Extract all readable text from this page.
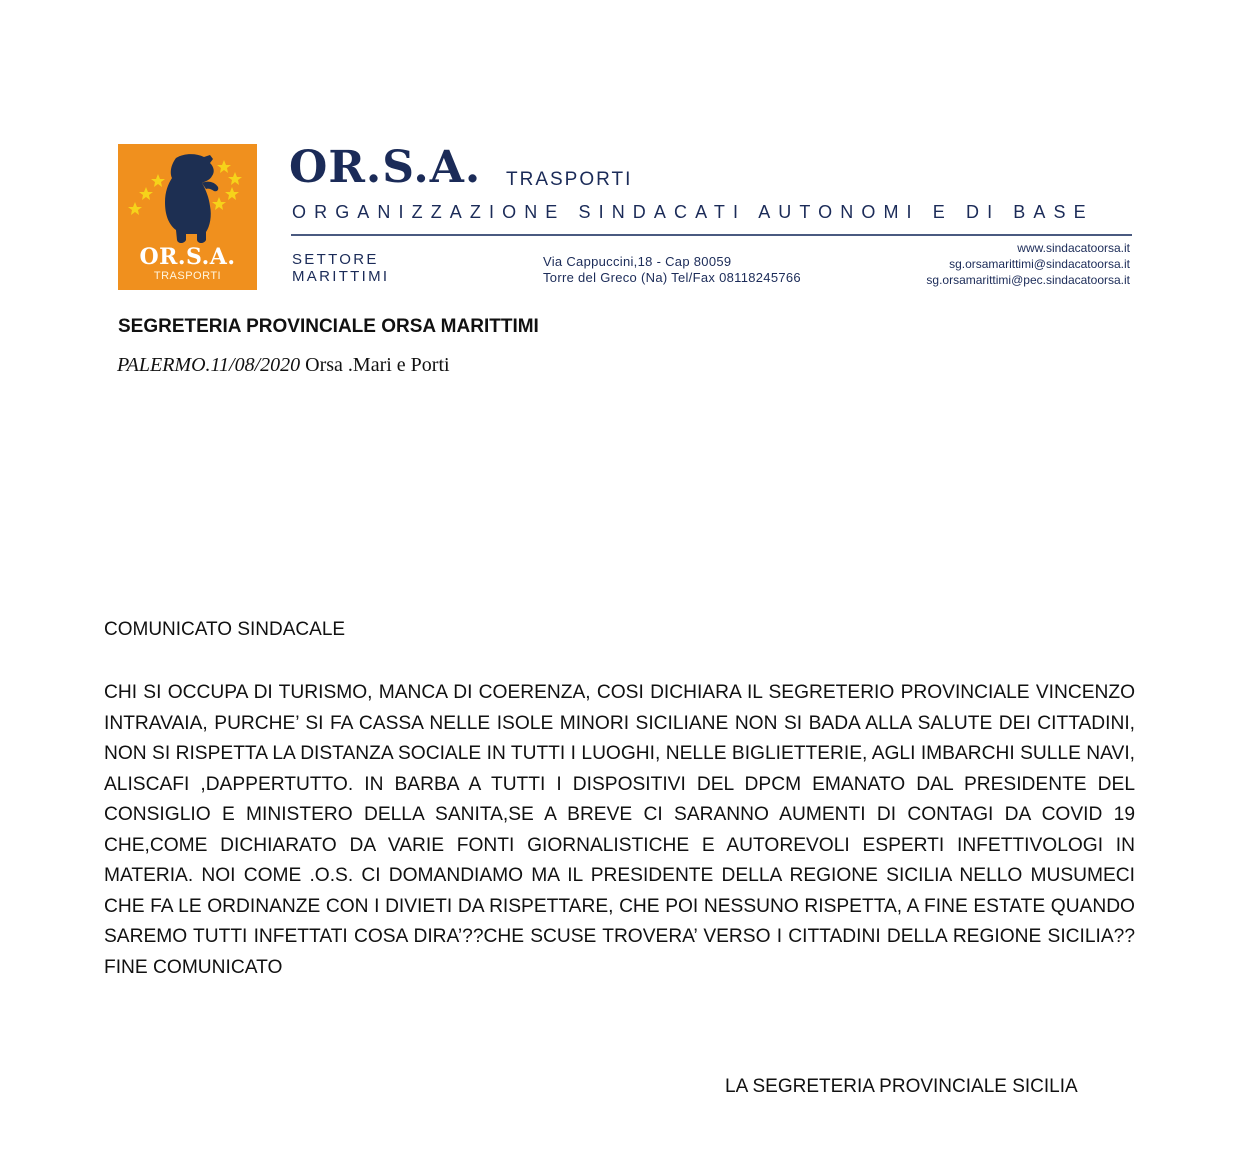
OR.S.A.
TRASPORTI
OR.S.A. TRASPORTI
ORGANIZZAZIONE SINDACATI AUTONOMI E DI BASE
SETTORE
MARITTIMI
Via Cappuccini,18 - Cap 80059
Torre del Greco (Na) Tel/Fax 08118245766
www.sindacatoorsa.it
sg.orsamarittimi@sindacatoorsa.it
sg.orsamarittimi@pec.sindacatoorsa.it
SEGRETERIA PROVINCIALE ORSA MARITTIMI
PALERMO.11/08/2020 Orsa .Mari e Porti
COMUNICATO SINDACALE

CHI SI OCCUPA DI TURISMO, MANCA DI COERENZA, COSI DICHIARA IL SEGRETERIO PROVINCIALE VINCENZO INTRAVAIA, PURCHE’ SI FA CASSA NELLE ISOLE MINORI SICILIANE NON SI BADA ALLA SALUTE DEI CITTADINI, NON SI RISPETTA LA DISTANZA SOCIALE IN TUTTI I LUOGHI, NELLE BIGLIETTERIE, AGLI IMBARCHI SULLE NAVI, ALISCAFI ,DAPPERTUTTO. IN BARBA A TUTTI I DISPOSITIVI DEL DPCM EMANATO DAL PRESIDENTE DEL CONSIGLIO E MINISTERO DELLA SANITA,SE A BREVE CI SARANNO AUMENTI DI CONTAGI DA COVID 19 CHE,COME DICHIARATO DA VARIE FONTI GIORNALISTICHE E AUTOREVOLI ESPERTI INFETTIVOLOGI IN MATERIA. NOI COME .O.S. CI DOMANDIAMO MA IL PRESIDENTE DELLA REGIONE SICILIA NELLO MUSUMECI CHE FA LE ORDINANZE CON I DIVIETI DA RISPETTARE, CHE POI NESSUNO RISPETTA, A FINE ESTATE QUANDO SAREMO TUTTI INFETTATI COSA DIRA’??CHE SCUSE TROVERA’ VERSO I CITTADINI DELLA REGIONE SICILIA?? FINE COMUNICATO

LA SEGRETERIA PROVINCIALE SICILIA
